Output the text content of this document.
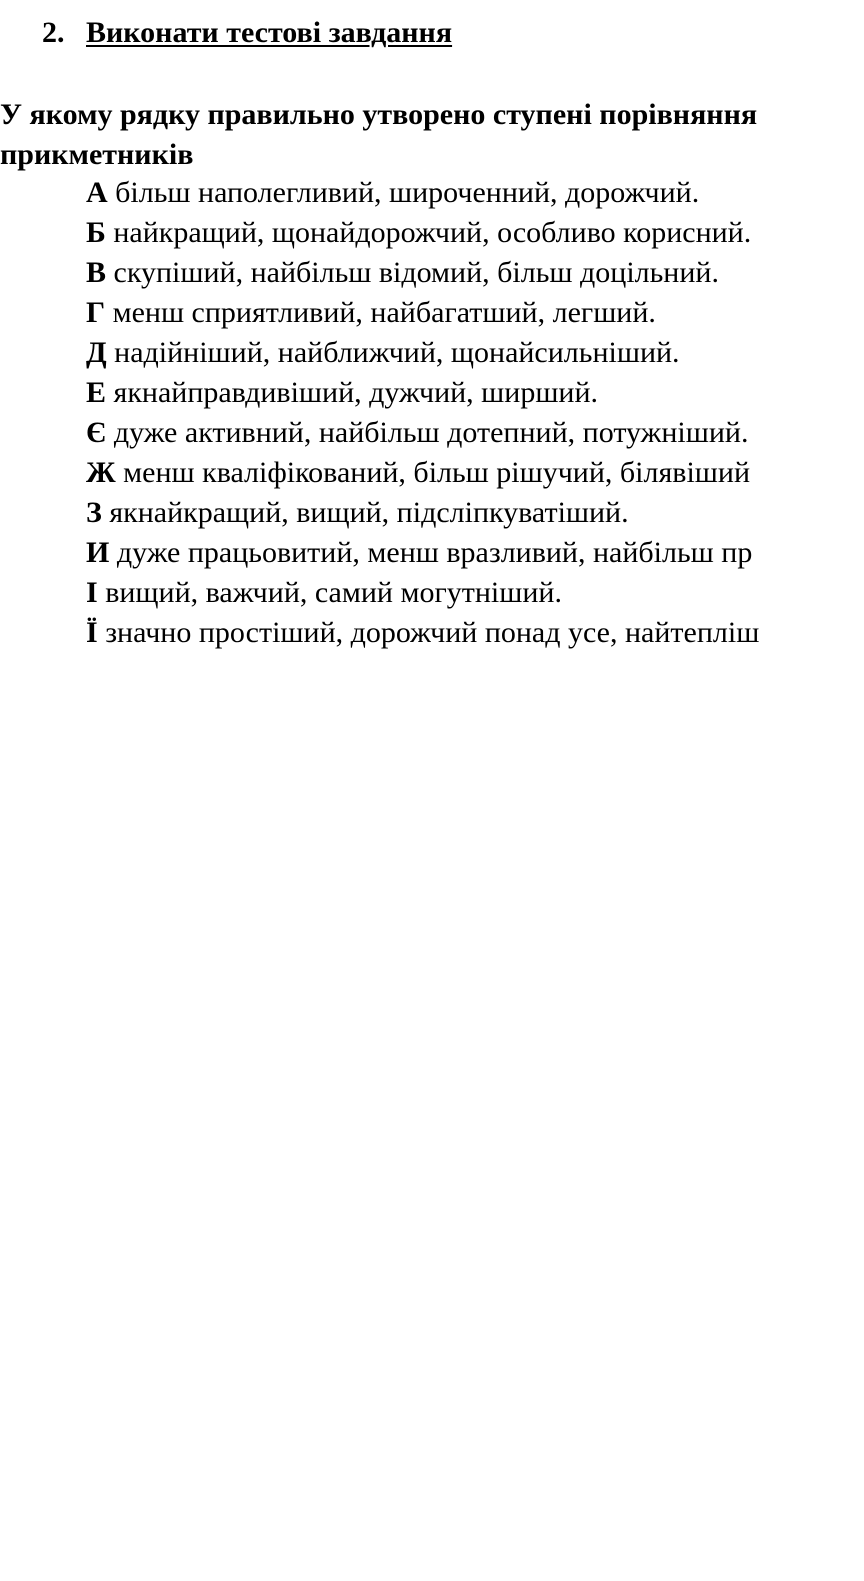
2. Виконати тестові завдання
У якому рядку правильно утворено ступені порівняння
прикметників
А більш наполегливий, широченний, дорожчий.
Б найкращий, щонайдорожчий, особливо корисний.
В скупіший, найбільш відомий, більш доцільний.
Г менш сприятливий, найбагатший, легший.
Д надійніший, найближчий, щонайсильніший.
Е якнайправдивіший, дужчий, ширший.
Є дуже активний, найбільш дотепний, потужніший.
Ж менш кваліфікований, більш рішучий, білявіший
З якнайкращий, вищий, підсліпкуватіший.
И дуже працьовитий, менш вразливий, найбільш пр
І вищий, важчий, самий могутніший.
Ї значно простіший, дорожчий понад усе, найтепліш
